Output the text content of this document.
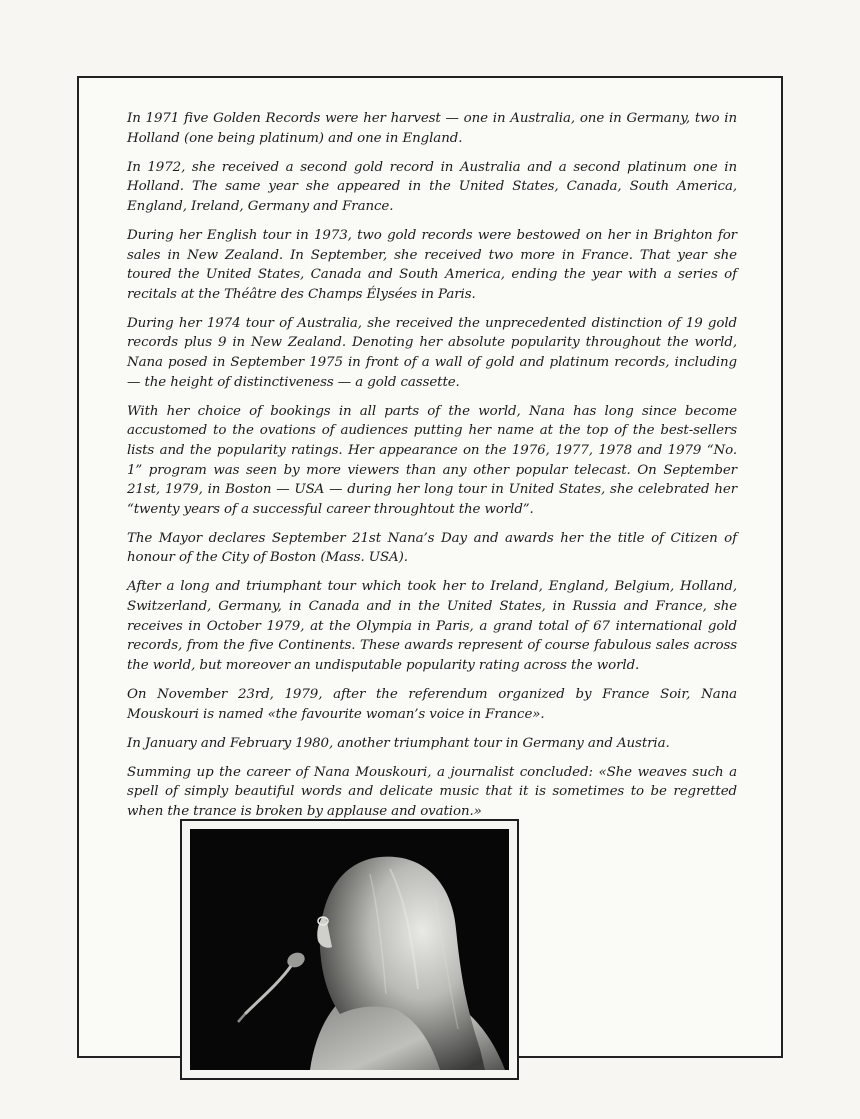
In 1971 five Golden Records were her harvest — one in Australia, one in Germany, two in Holland (one being platinum) and one in England.

In 1972, she received a second gold record in Australia and a second platinum one in Holland. The same year she appeared in the United States, Canada, South America, England, Ireland, Germany and France.

During her English tour in 1973, two gold records were bestowed on her in Brighton for sales in New Zealand. In September, she received two more in France. That year she toured the United States, Canada and South America, ending the year with a series of recitals at the Théâtre des Champs Élysées in Paris.

During her 1974 tour of Australia, she received the unprecedented distinction of 19 gold records plus 9 in New Zealand. Denoting her absolute popularity throughout the world, Nana posed in September 1975 in front of a wall of gold and platinum records, including — the height of distinctiveness — a gold cassette.

With her choice of bookings in all parts of the world, Nana has long since become accustomed to the ovations of audiences putting her name at the top of the best-sellers lists and the popularity ratings. Her appearance on the 1976, 1977, 1978 and 1979 “No. 1” program was seen by more viewers than any other popular telecast. On September 21st, 1979, in Boston — USA — during her long tour in United States, she celebrated her “twenty years of a successful career throughtout the world”.

The Mayor declares September 21st Nana’s Day and awards her the title of Citizen of honour of the City of Boston (Mass. USA).

After a long and triumphant tour which took her to Ireland, England, Belgium, Holland, Switzerland, Germany, in Canada and in the United States, in Russia and France, she receives in October 1979, at the Olympia in Paris, a grand total of 67 international gold records, from the five Continents. These awards represent of course fabulous sales across the world, but moreover an undisputable popularity rating across the world.

On November 23rd, 1979, after the referendum organized by France Soir, Nana Mouskouri is named «the favourite woman’s voice in France».

In January and February 1980, another triumphant tour in Germany and Austria.

Summing up the career of Nana Mouskouri, a journalist concluded: «She weaves such a spell of simply beautiful words and delicate music that it is sometimes to be regretted when the trance is broken by applause and ovation.»
